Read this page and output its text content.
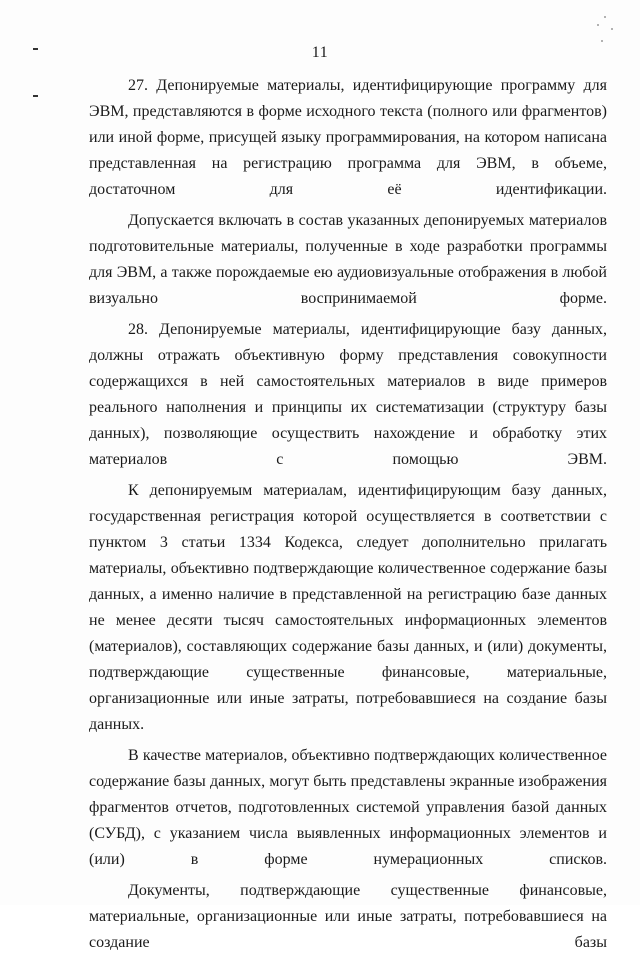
11

27. Депонируемые материалы, идентифицирующие программу для ЭВМ, представляются в форме исходного текста (полного или фрагментов) или иной форме, присущей языку программирования, на котором написана представленная на регистрацию программа для ЭВМ, в объеме, достаточном для её идентификации.

Допускается включать в состав указанных депонируемых материалов подготовительные материалы, полученные в ходе разработки программы для ЭВМ, а также порождаемые ею аудиовизуальные отображения в любой визуально воспринимаемой форме.

28. Депонируемые материалы, идентифицирующие базу данных, должны отражать объективную форму представления совокупности содержащихся в ней самостоятельных материалов в виде примеров реального наполнения и принципы их систематизации (структуру базы данных), позволяющие осуществить нахождение и обработку этих материалов с помощью ЭВМ.

К депонируемым материалам, идентифицирующим базу данных, государственная регистрация которой осуществляется в соответствии с пунктом 3 статьи 1334 Кодекса, следует дополнительно прилагать материалы, объективно подтверждающие количественное содержание базы данных, а именно наличие в представленной на регистрацию базе данных не менее десяти тысяч самостоятельных информационных элементов (материалов), составляющих содержание базы данных, и (или) документы, подтверждающие существенные финансовые, материальные, организационные или иные затраты, потребовавшиеся на создание базы данных.

В качестве материалов, объективно подтверждающих количественное содержание базы данных, могут быть представлены экранные изображения фрагментов отчетов, подготовленных системой управления базой данных (СУБД), с указанием числа выявленных информационных элементов и (или) в форме нумерационных списков.

Документы, подтверждающие существенные финансовые, материальные, организационные или иные затраты, потребовавшиеся на создание базы
